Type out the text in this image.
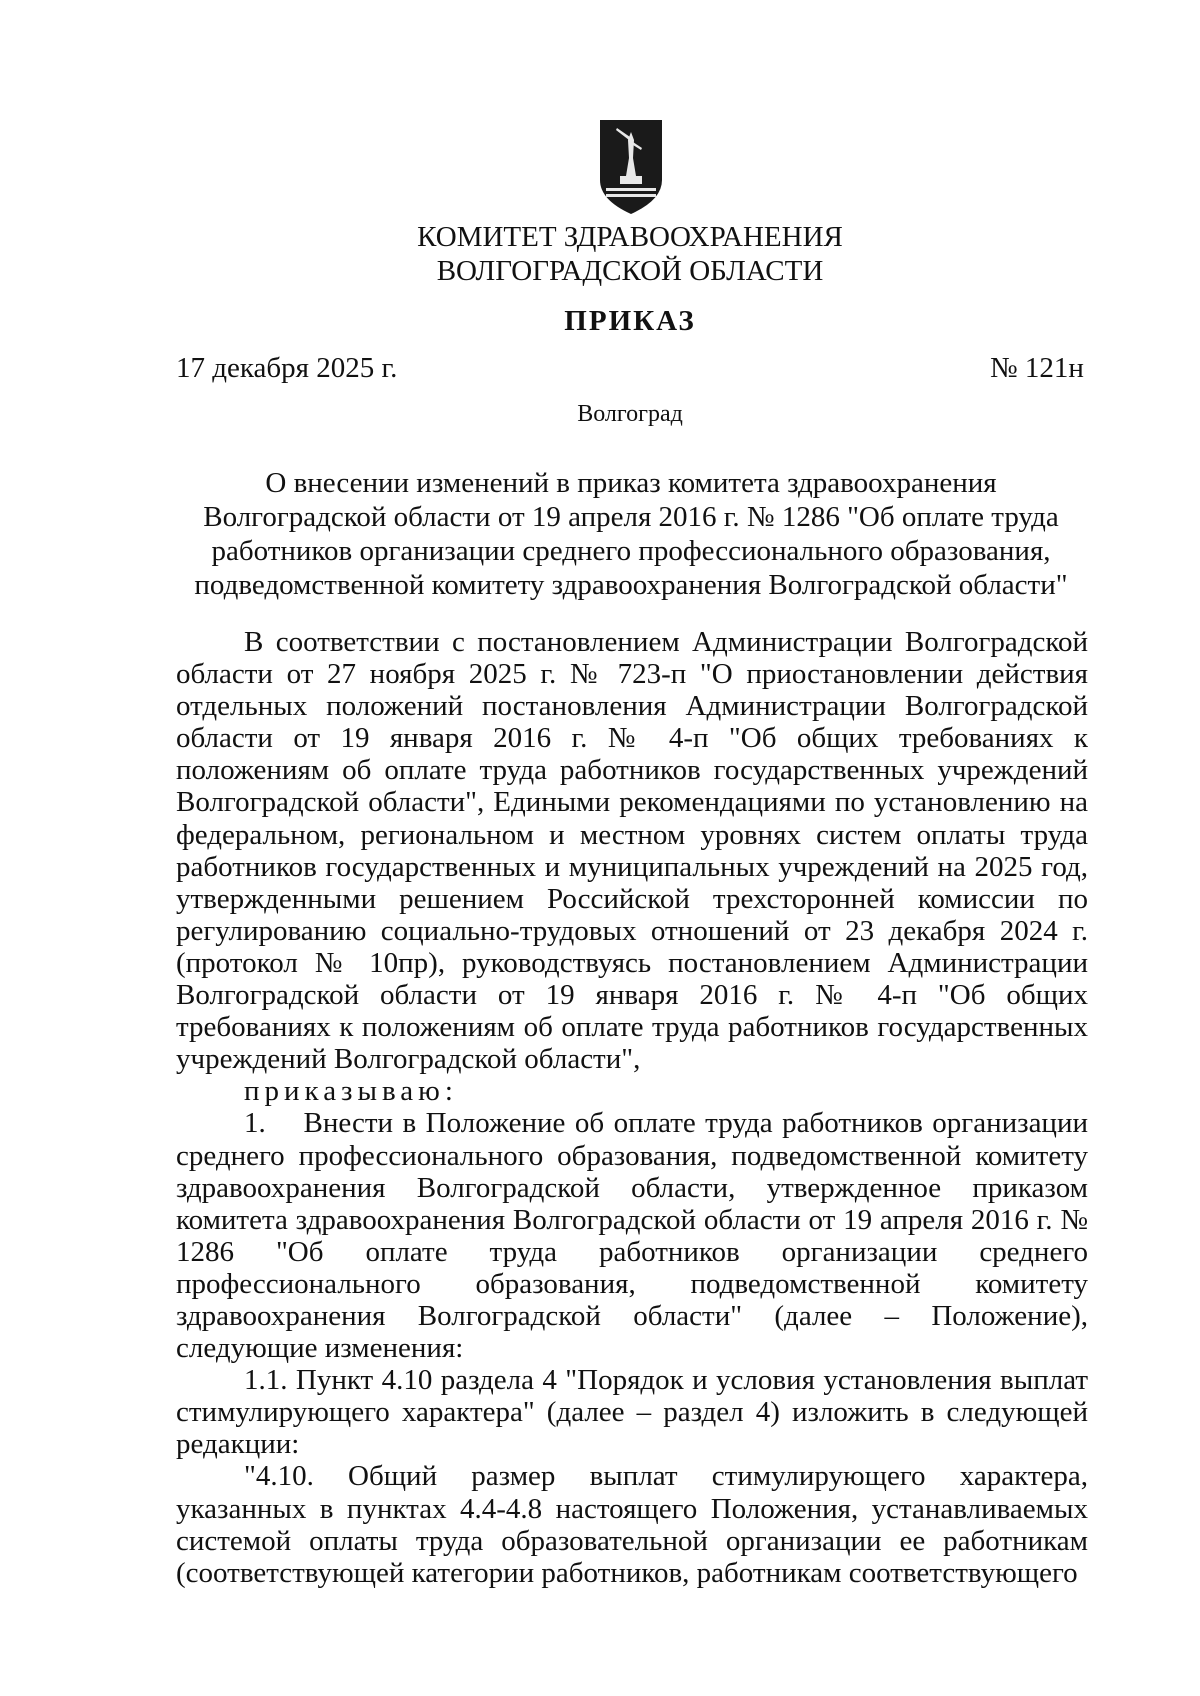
КОМИТЕТ ЗДРАВООХРАНЕНИЯ
ВОЛГОГРАДСКОЙ ОБЛАСТИ
ПРИКАЗ
17 декабря 2025 г.	№ 121н
Волгоград
О внесении изменений в приказ комитета здравоохранения Волгоградской области от 19 апреля 2016 г. № 1286 "Об оплате труда работников организации среднего профессионального образования, подведомственной комитету здравоохранения Волгоградской области"

В соответствии с постановлением Администрации Волгоградской области от 27 ноября 2025 г. № 723-п "О приостановлении действия отдельных положений постановления Администрации Волгоградской области от 19 января 2016 г. № 4-п "Об общих требованиях к положениям об оплате труда работников государственных учреждений Волгоградской области", Едиными рекомендациями по установлению на федеральном, региональном и местном уровнях систем оплаты труда работников государственных и муниципальных учреждений на 2025 год, утвержденными решением Российской трехсторонней комиссии по регулированию социально-трудовых отношений от 23 декабря 2024 г. (протокол № 10пр), руководствуясь постановлением Администрации Волгоградской области от 19 января 2016 г. № 4-п "Об общих требованиях к положениям об оплате труда работников государственных учреждений Волгоградской области",

приказываю:

1.    Внести в Положение об оплате труда работников организации среднего профессионального образования, подведомственной комитету здравоохранения Волгоградской области, утвержденное приказом комитета здравоохранения Волгоградской области от 19 апреля 2016 г. № 1286 "Об оплате труда работников организации среднего профессионального образования, подведомственной комитету здравоохранения Волгоградской области" (далее – Положение), следующие изменения:

1.1. Пункт 4.10 раздела 4 "Порядок и условия установления выплат стимулирующего характера" (далее – раздел 4) изложить в следующей редакции:

"4.10. Общий размер выплат стимулирующего характера, указанных в пунктах 4.4-4.8 настоящего Положения, устанавливаемых системой оплаты труда образовательной организации ее работникам (соответствующей категории работников, работникам соответствующего
